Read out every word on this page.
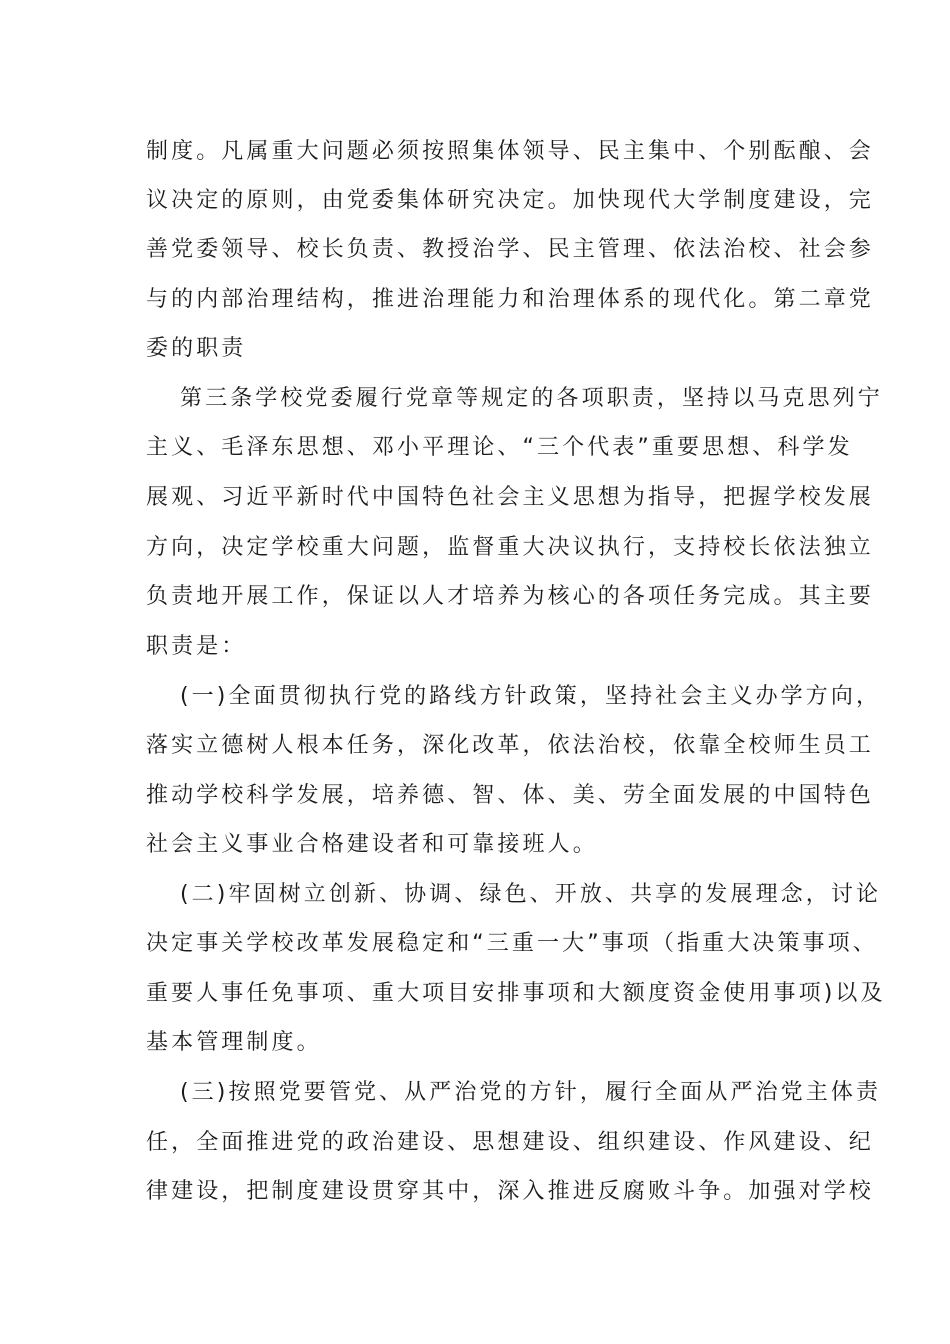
制度。凡属重大问题必须按照集体领导、民主集中、个别酝酿、会
议决定的原则，由党委集体研究决定。加快现代大学制度建设，完
善党委领导、校长负责、教授治学、民主管理、依法治校、社会参
与的内部治理结构，推进治理能力和治理体系的现代化。第二章党
委的职责
第三条学校党委履行党章等规定的各项职责，坚持以马克思列宁
主义、毛泽东思想、邓小平理论、“三个代表”重要思想、科学发
展观、习近平新时代中国特色社会主义思想为指导，把握学校发展
方向，决定学校重大问题，监督重大决议执行，支持校长依法独立
负责地开展工作，保证以人才培养为核心的各项任务完成。其主要
职责是：
(一)全面贯彻执行党的路线方针政策，坚持社会主义办学方向，
落实立德树人根本任务，深化改革，依法治校，依靠全校师生员工
推动学校科学发展，培养德、智、体、美、劳全面发展的中国特色
社会主义事业合格建设者和可靠接班人。
(二)牢固树立创新、协调、绿色、开放、共享的发展理念，讨论
决定事关学校改革发展稳定和“三重一大”事项（指重大决策事项、
重要人事任免事项、重大项目安排事项和大额度资金使用事项)以及
基本管理制度。
(三)按照党要管党、从严治党的方针，履行全面从严治党主体责
任，全面推进党的政治建设、思想建设、组织建设、作风建设、纪
律建设，把制度建设贯穿其中，深入推进反腐败斗争。加强对学校
